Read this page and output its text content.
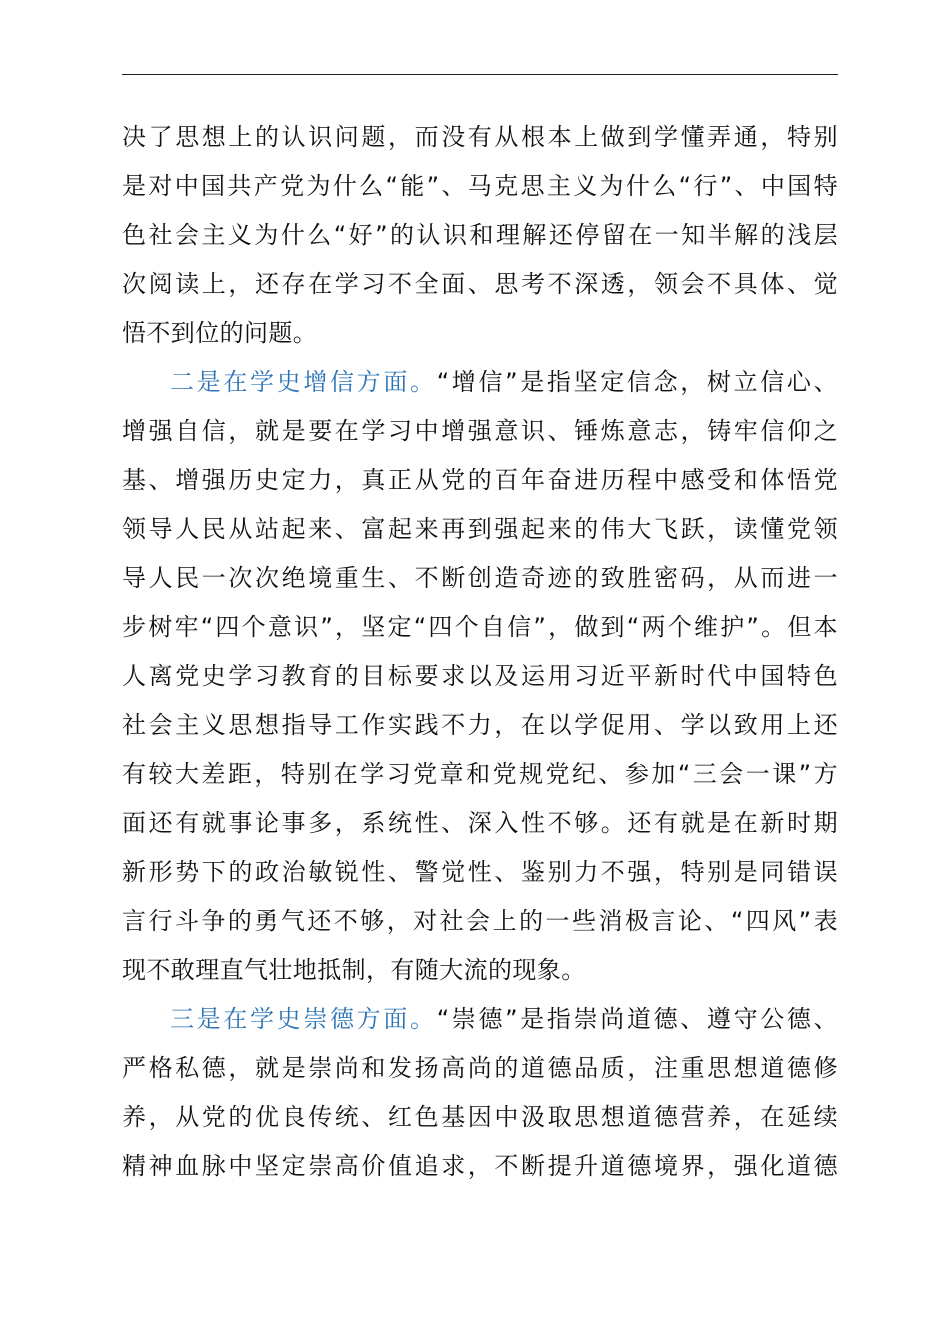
决了思想上的认识问题，而没有从根本上做到学懂弄通，特别
是对中国共产党为什么“能”、马克思主义为什么“行”、中国特
色社会主义为什么“好”的认识和理解还停留在一知半解的浅层
次阅读上，还存在学习不全面、思考不深透，领会不具体、觉
悟不到位的问题。
二是在学史增信方面。“增信”是指坚定信念，树立信心、
增强自信，就是要在学习中增强意识、锤炼意志，铸牢信仰之
基、增强历史定力，真正从党的百年奋进历程中感受和体悟党
领导人民从站起来、富起来再到强起来的伟大飞跃，读懂党领
导人民一次次绝境重生、不断创造奇迹的致胜密码，从而进一
步树牢“四个意识”，坚定“四个自信”，做到“两个维护”。但本
人离党史学习教育的目标要求以及运用习近平新时代中国特色
社会主义思想指导工作实践不力，在以学促用、学以致用上还
有较大差距，特别在学习党章和党规党纪、参加“三会一课”方
面还有就事论事多，系统性、深入性不够。还有就是在新时期
新形势下的政治敏锐性、警觉性、鉴别力不强，特别是同错误
言行斗争的勇气还不够，对社会上的一些消极言论、“四风”表
现不敢理直气壮地抵制，有随大流的现象。
三是在学史崇德方面。“崇德”是指崇尚道德、遵守公德、
严格私德，就是崇尚和发扬高尚的道德品质，注重思想道德修
养，从党的优良传统、红色基因中汲取思想道德营养，在延续
精神血脉中坚定崇高价值追求，不断提升道德境界，强化道德
